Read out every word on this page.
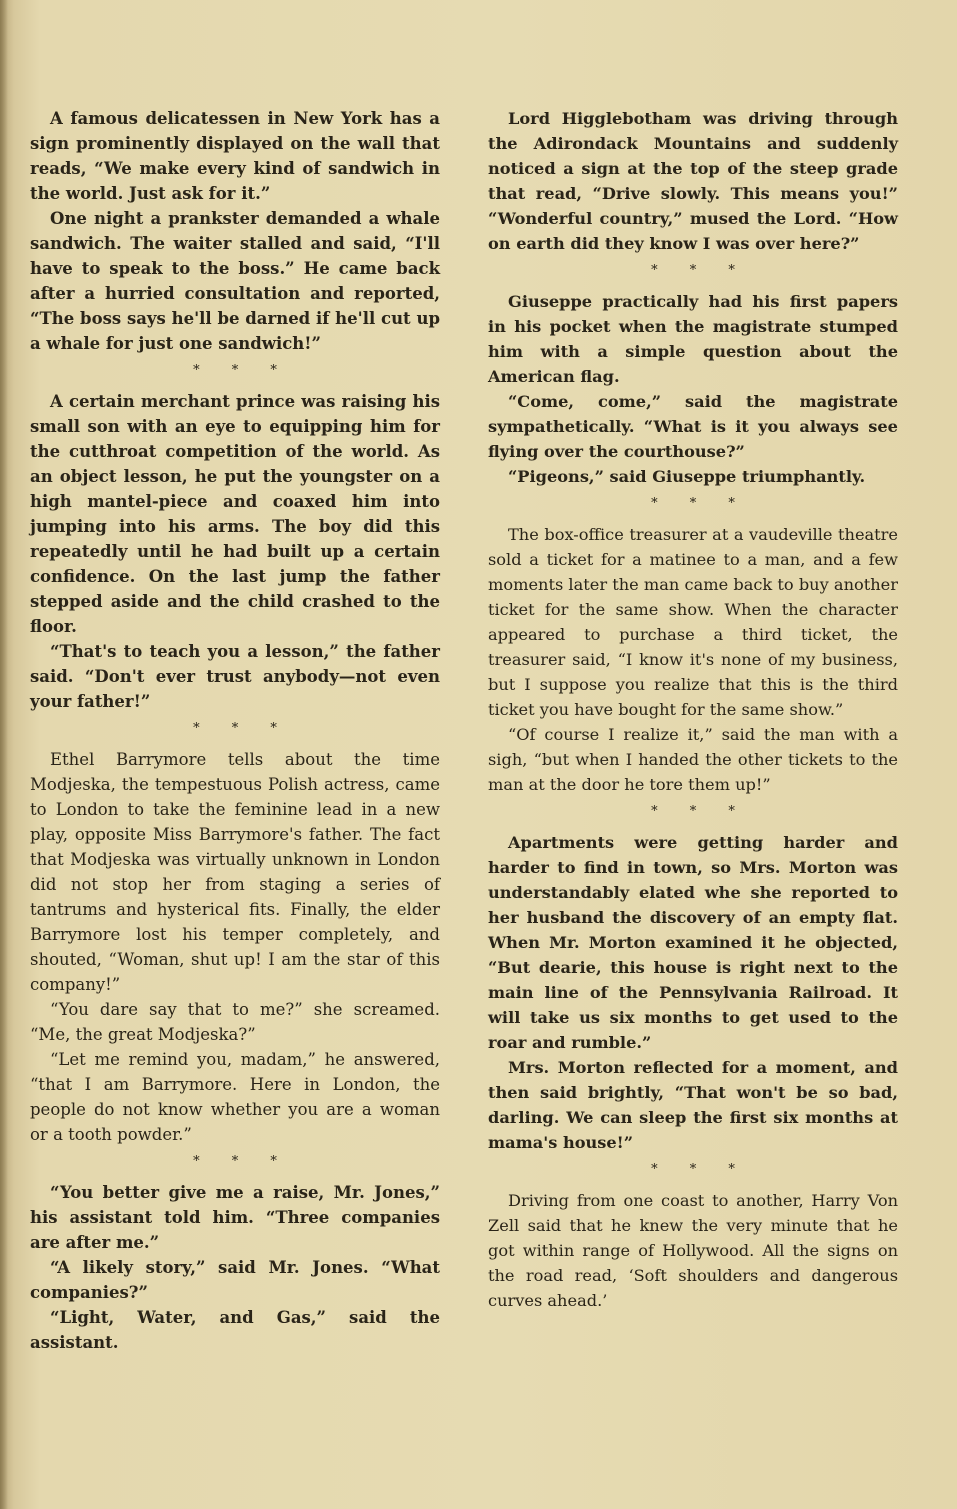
A famous delicatessen in New York has a sign prominently displayed on the wall that reads, “We make every kind of sandwich in the world. Just ask for it.”

One night a prankster demanded a whale sandwich. The waiter stalled and said, “I'll have to speak to the boss.” He came back after a hurried consultation and reported, “The boss says he'll be darned if he'll cut up a whale for just one sandwich!”

* * *

A certain merchant prince was raising his small son with an eye to equipping him for the cutthroat competition of the world. As an object lesson, he put the youngster on a high mantel-piece and coaxed him into jumping into his arms. The boy did this repeatedly until he had built up a certain confidence. On the last jump the father stepped aside and the child crashed to the floor.

“That's to teach you a lesson,” the father said. “Don't ever trust anybody—not even your father!”

* * *

Ethel Barrymore tells about the time Modjeska, the tempestuous Polish actress, came to London to take the feminine lead in a new play, opposite Miss Barrymore's father. The fact that Modjeska was virtually unknown in London did not stop her from staging a series of tantrums and hysterical fits. Finally, the elder Barrymore lost his temper completely, and shouted, “Woman, shut up! I am the star of this company!”

“You dare say that to me?” she screamed. “Me, the great Modjeska?”

“Let me remind you, madam,” he answered, “that I am Barrymore. Here in London, the people do not know whether you are a woman or a tooth powder.”

* * *

“You better give me a raise, Mr. Jones,” his assistant told him. “Three companies are after me.”

“A likely story,” said Mr. Jones. “What companies?”

“Light, Water, and Gas,” said the assistant.

Lord Higglebotham was driving through the Adirondack Mountains and suddenly noticed a sign at the top of the steep grade that read, “Drive slowly. This means you!” “Wonderful country,” mused the Lord. “How on earth did they know I was over here?”

* * *

Giuseppe practically had his first papers in his pocket when the magistrate stumped him with a simple question about the American flag.

“Come, come,” said the magistrate sympathetically. “What is it you always see flying over the courthouse?”

“Pigeons,” said Giuseppe triumphantly.

* * *

The box-office treasurer at a vaudeville theatre sold a ticket for a matinee to a man, and a few moments later the man came back to buy another ticket for the same show. When the character appeared to purchase a third ticket, the treasurer said, “I know it's none of my business, but I suppose you realize that this is the third ticket you have bought for the same show.”

“Of course I realize it,” said the man with a sigh, “but when I handed the other tickets to the man at the door he tore them up!”

* * *

Apartments were getting harder and harder to find in town, so Mrs. Morton was understandably elated whe she reported to her husband the discovery of an empty flat. When Mr. Morton examined it he objected, “But dearie, this house is right next to the main line of the Pennsylvania Railroad. It will take us six months to get used to the roar and rumble.”

Mrs. Morton reflected for a moment, and then said brightly, “That won't be so bad, darling. We can sleep the first six months at mama's house!”

* * *

Driving from one coast to another, Harry Von Zell said that he knew the very minute that he got within range of Hollywood. All the signs on the road read, ‘Soft shoulders and dangerous curves ahead.’
